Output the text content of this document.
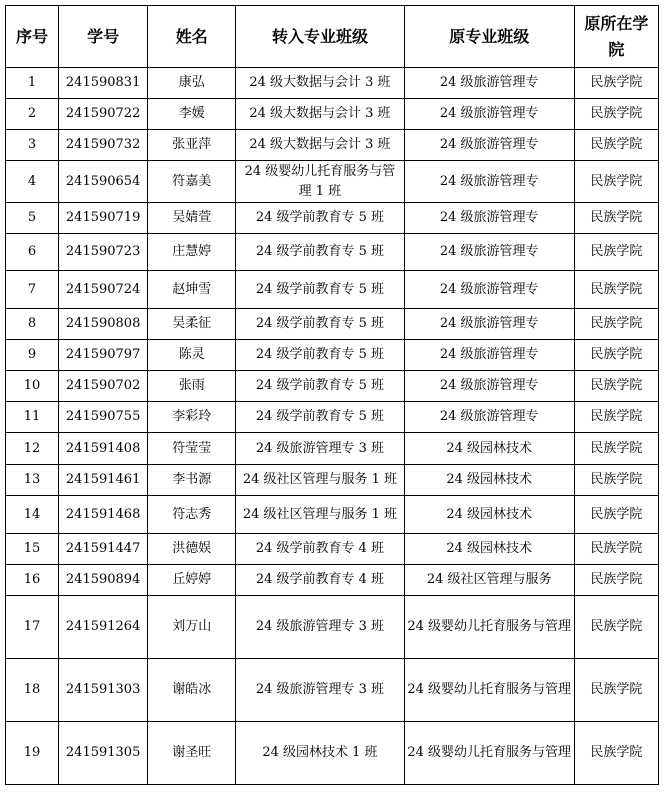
序号	学号	姓名	转入专业班级	原专业班级	原所在学院
1	241590831	康弘	24 级大数据与会计 3 班	24 级旅游管理专	民族学院
2	241590722	李媛	24 级大数据与会计 3 班	24 级旅游管理专	民族学院
3	241590732	张亚萍	24 级大数据与会计 3 班	24 级旅游管理专	民族学院
4	241590654	符嘉美	24 级婴幼儿托育服务与管理 1 班	24 级旅游管理专	民族学院
5	241590719	吴婧萱	24 级学前教育专 5 班	24 级旅游管理专	民族学院
6	241590723	庄慧婷	24 级学前教育专 5 班	24 级旅游管理专	民族学院
7	241590724	赵坤雪	24 级学前教育专 5 班	24 级旅游管理专	民族学院
8	241590808	吴柔征	24 级学前教育专 5 班	24 级旅游管理专	民族学院
9	241590797	陈灵	24 级学前教育专 5 班	24 级旅游管理专	民族学院
10	241590702	张雨	24 级学前教育专 5 班	24 级旅游管理专	民族学院
11	241590755	李彩玲	24 级学前教育专 5 班	24 级旅游管理专	民族学院
12	241591408	符莹莹	24 级旅游管理专 3 班	24 级园林技术	民族学院
13	241591461	李书源	24 级社区管理与服务 1 班	24 级园林技术	民族学院
14	241591468	符志秀	24 级社区管理与服务 1 班	24 级园林技术	民族学院
15	241591447	洪德娱	24 级学前教育专 4 班	24 级园林技术	民族学院
16	241590894	丘婷婷	24 级学前教育专 4 班	24 级社区管理与服务	民族学院
17	241591264	刘万山	24 级旅游管理专 3 班	24 级婴幼儿托育服务与管理	民族学院
18	241591303	谢皓冰	24 级旅游管理专 3 班	24 级婴幼儿托育服务与管理	民族学院
19	241591305	谢圣旺	24 级园林技术 1 班	24 级婴幼儿托育服务与管理	民族学院
